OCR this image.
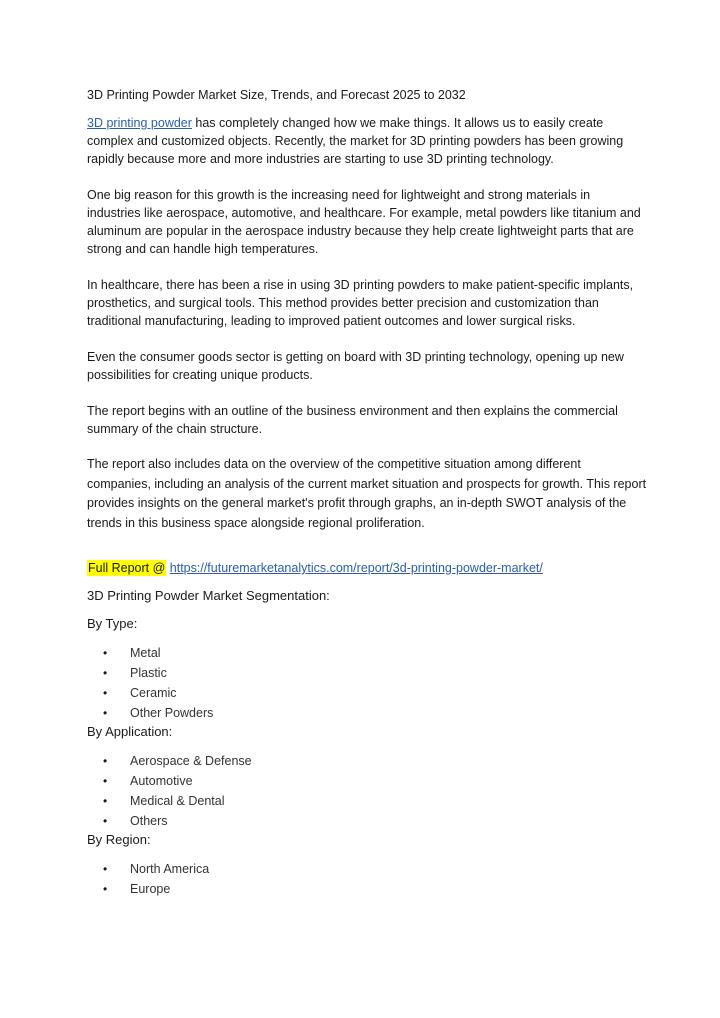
3D Printing Powder Market Size, Trends, and Forecast 2025 to 2032

3D printing powder has completely changed how we make things. It allows us to easily create complex and customized objects. Recently, the market for 3D printing powders has been growing rapidly because more and more industries are starting to use 3D printing technology.

One big reason for this growth is the increasing need for lightweight and strong materials in industries like aerospace, automotive, and healthcare. For example, metal powders like titanium and aluminum are popular in the aerospace industry because they help create lightweight parts that are strong and can handle high temperatures.

In healthcare, there has been a rise in using 3D printing powders to make patient-specific implants, prosthetics, and surgical tools. This method provides better precision and customization than traditional manufacturing, leading to improved patient outcomes and lower surgical risks.

Even the consumer goods sector is getting on board with 3D printing technology, opening up new possibilities for creating unique products.

The report begins with an outline of the business environment and then explains the commercial summary of the chain structure.

The report also includes data on the overview of the competitive situation among different companies, including an analysis of the current market situation and prospects for growth. This report provides insights on the general market's profit through graphs, an in-depth SWOT analysis of the trends in this business space alongside regional proliferation.

Full Report @ https://futuremarketanalytics.com/report/3d-printing-powder-market/

3D Printing Powder Market Segmentation:

By Type:

• Metal
• Plastic
• Ceramic
• Other Powders

By Application:

• Aerospace & Defense
• Automotive
• Medical & Dental
• Others

By Region:

• North America
• Europe
